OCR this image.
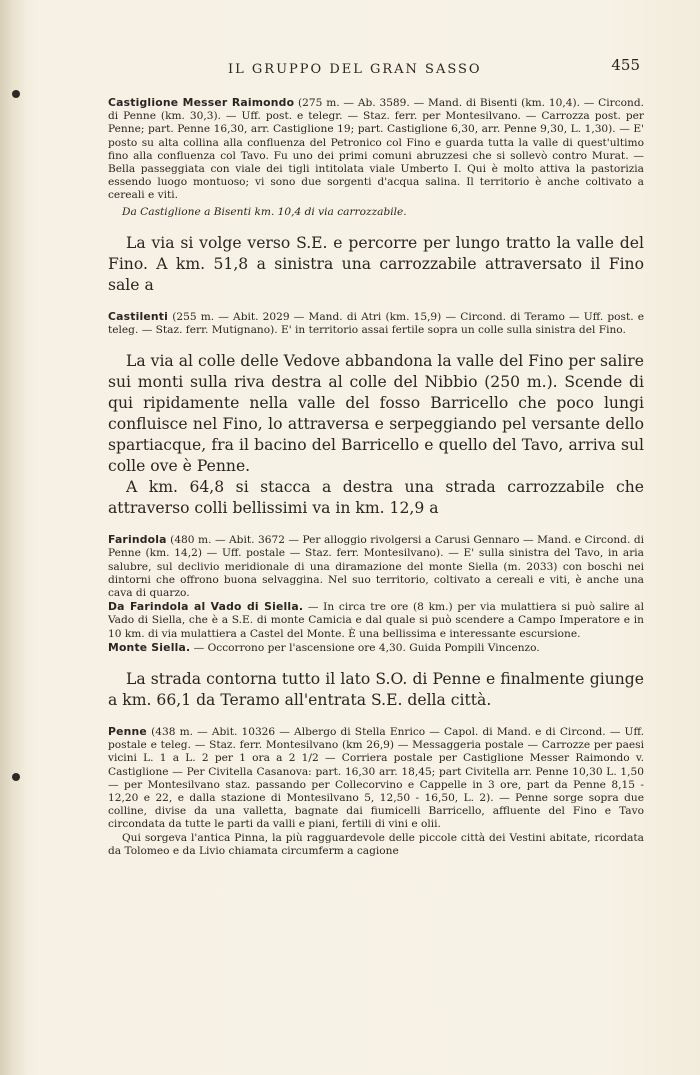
IL GRUPPO DEL GRAN SASSO	455

Castiglione Messer Raimondo (275 m. — Ab. 3589. — Mand. di Bisenti (km. 10,4). — Circond. di Penne (km. 30,3). — Uff. post. e telegr. — Staz. ferr. per Montesilvano. — Carrozza post. per Penne; part. Penne 16,30, arr. Castiglione 19; part. Castiglione 6,30, arr. Penne 9,30, L. 1,30). — E' posto su alta collina alla confluenza del Petronico col Fino e guarda tutta la valle di quest'ultimo fino alla confluenza col Tavo. Fu uno dei primi comuni abruzzesi che si sollevò contro Murat. — Bella passeggiata con viale dei tigli intitolata viale Umberto I. Qui è molto attiva la pastorizia essendo luogo montuoso; vi sono due sorgenti d'acqua salina. Il territorio è anche coltivato a cereali e viti.
Da Castiglione a Bisenti km. 10,4 di via carrozzabile.

La via si volge verso S.E. e percorre per lungo tratto la valle del Fino. A km. 51,8 a sinistra una carrozzabile attraversato il Fino sale a

Castilenti (255 m. — Abit. 2029 — Mand. di Atri (km. 15,9) — Circond. di Teramo — Uff. post. e teleg. — Staz. ferr. Mutignano). E' in territorio assai fertile sopra un colle sulla sinistra del Fino.

La via al colle delle Vedove abbandona la valle del Fino per salire sui monti sulla riva destra al colle del Nibbio (250 m.). Scende di qui ripidamente nella valle del fosso Barricello che poco lungi confluisce nel Fino, lo attraversa e serpeggiando pel versante dello spartiacque, fra il bacino del Barricello e quello del Tavo, arriva sul colle ove è Penne.

A km. 64,8 si stacca a destra una strada carrozzabile che attraverso colli bellissimi va in km. 12,9 a

Farindola (480 m. — Abit. 3672 — Per alloggio rivolgersi a Carusi Gennaro — Mand. e Circond. di Penne (km. 14,2) — Uff. postale — Staz. ferr. Montesilvano). — E' sulla sinistra del Tavo, in aria salubre, sul declivio meridionale di una diramazione del monte Siella (m. 2033) con boschi nei dintorni che offrono buona selvaggina. Nel suo territorio, coltivato a cereali e viti, è anche una cava di quarzo.

Da Farindola al Vado di Siella. — In circa tre ore (8 km.) per via mulattiera si può salire al Vado di Siella, che è a S.E. di monte Camicia e dal quale si può scendere a Campo Imperatore e in 10 km. di via mulattiera a Castel del Monte. È una bellissima e interessante escursione.

Monte Siella. — Occorrono per l'ascensione ore 4,30. Guida Pompili Vincenzo.

La strada contorna tutto il lato S.O. di Penne e finalmente giunge a km. 66,1 da Teramo all'entrata S.E. della città.

Penne (438 m. — Abit. 10326 — Albergo di Stella Enrico — Capol. di Mand. e di Circond. — Uff. postale e teleg. — Staz. ferr. Montesilvano (km 26,9) — Messaggeria postale — Carrozze per paesi vicini L. 1 a L. 2 per 1 ora a 2 1/2 — Corriera postale per Castiglione Messer Raimondo v. Castiglione — Per Civitella Casanova: part. 16,30 arr. 18,45; part Civitella arr. Penne 10,30 L. 1,50 — per Montesilvano staz. passando per Collecorvino e Cappelle in 3 ore, part da Penne 8,15 - 12,20 e 22, e dalla stazione di Montesilvano 5, 12,50 - 16,50, L. 2). — Penne sorge sopra due colline, divise da una valletta, bagnate dai fiumicelli Barricello, affluente del Fino e Tavo circondata da tutte le parti da valli e piani, fertili di vini e olii.

Qui sorgeva l'antica Pinna, la più ragguardevole delle piccole città dei Vestini abitate, ricordata da Tolomeo e da Livio chiamata circumferm a cagione
